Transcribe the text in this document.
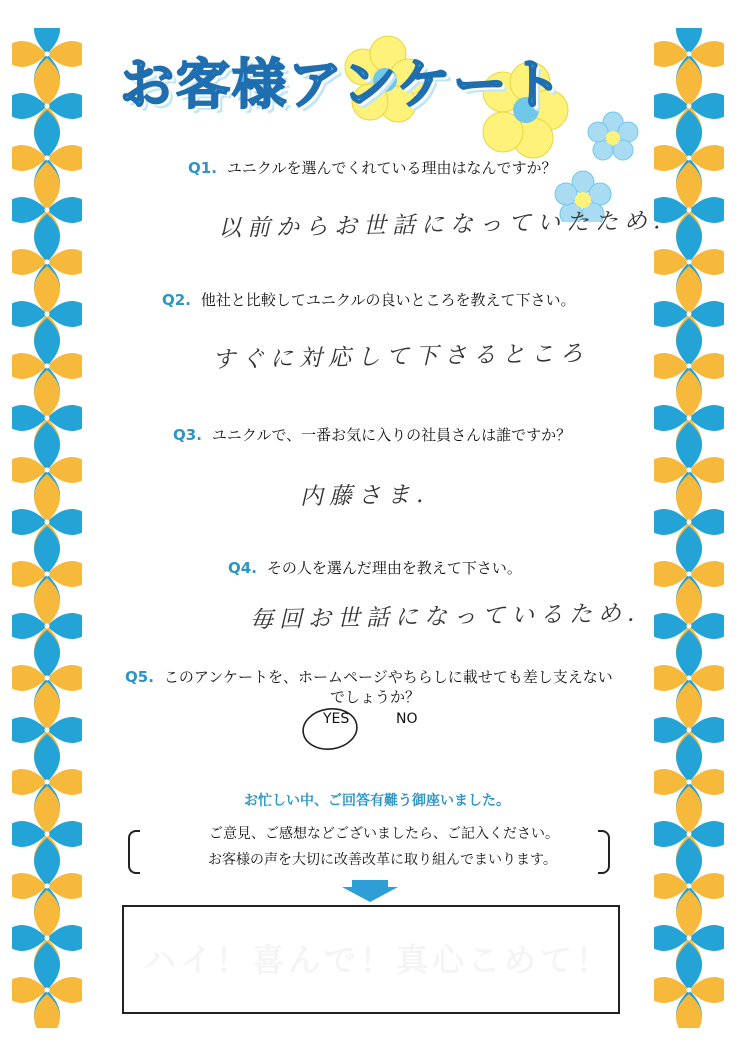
お客様アンケート
Q1. ユニクルを選んでくれている理由はなんですか？
以前からお世話になっていたため.
Q2. 他社と比較してユニクルの良いところを教えて下さい。
すぐに対応して下さるところ
Q3. ユニクルで、一番お気に入りの社員さんは誰ですか？
内藤さま.
Q4. その人を選んだ理由を教えて下さい。
毎回お世話になっているため.
Q5. このアンケートを、ホームページやちらしに載せても差し支えない
でしょうか？
YES	NO
お忙しい中、ご回答有難う御座いました。
ご意見、ご感想などございましたら、ご記入ください。
お客様の声を大切に改善改革に取り組んでまいります。
ハイ！喜んで！真心こめて！
